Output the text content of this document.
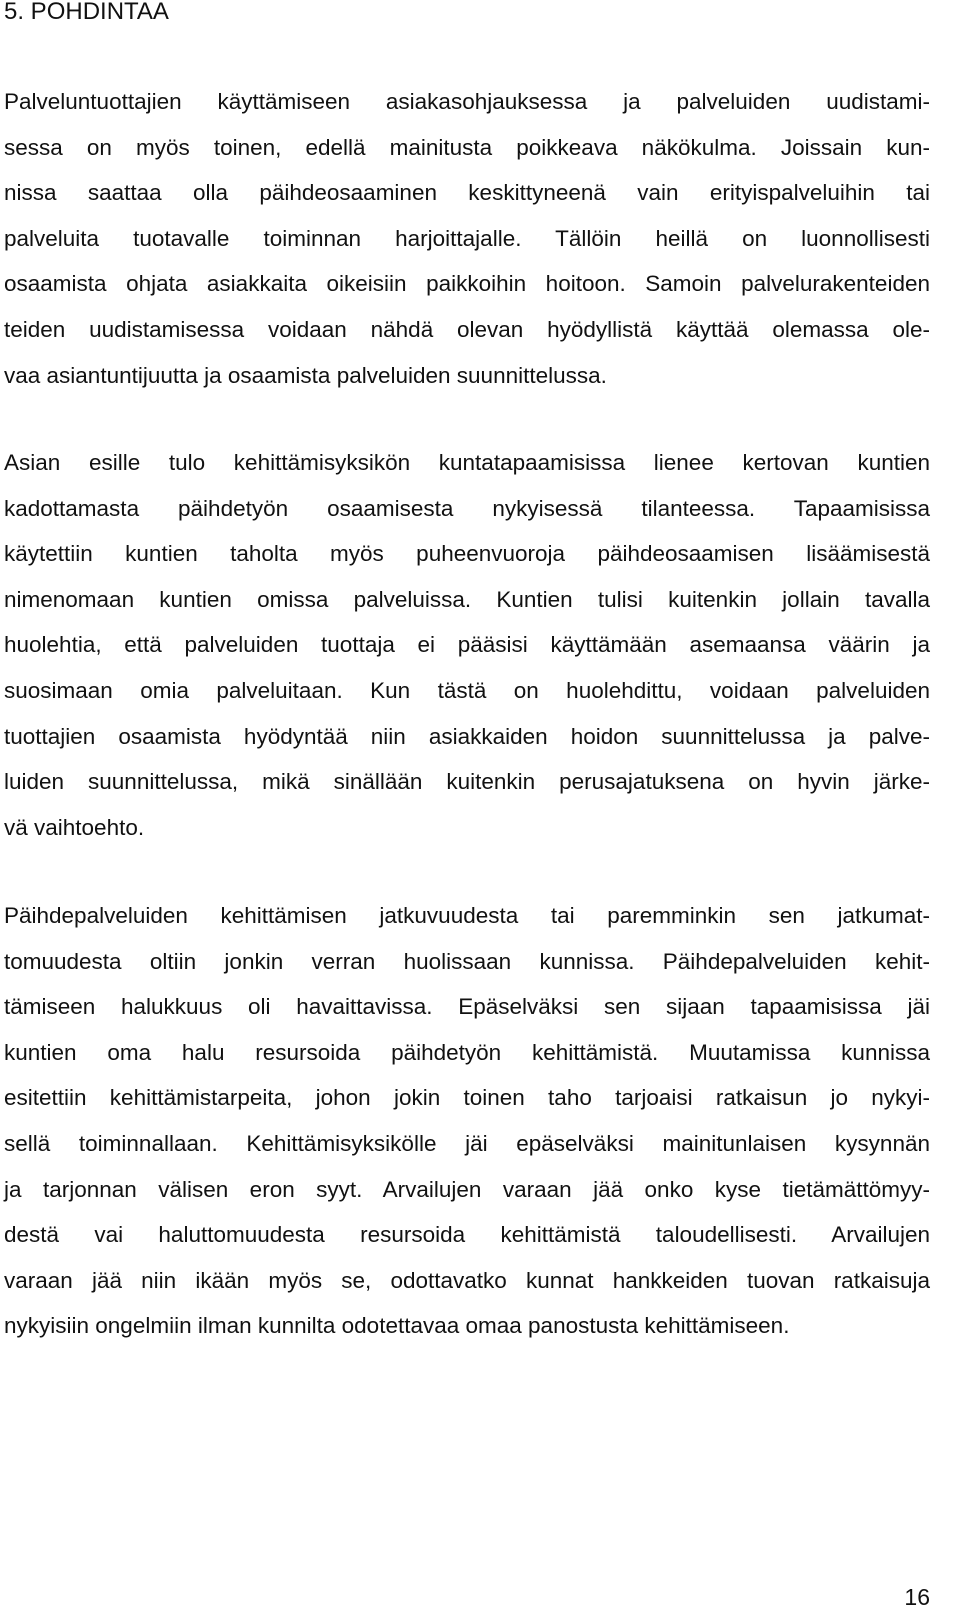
5. POHDINTAA

Palveluntuottajien käyttämiseen asiakasohjauksessa ja palveluiden uudistami-
sessa on myös toinen, edellä mainitusta poikkeava näkökulma. Joissain kun-
nissa saattaa olla päihdeosaaminen keskittyneenä vain erityispalveluihin tai
palveluita tuotavalle toiminnan harjoittajalle. Tällöin heillä on luonnollisesti
osaamista ohjata asiakkaita oikeisiin paikkoihin hoitoon. Samoin palvelurakenteiden
teiden uudistamisessa voidaan nähdä olevan hyödyllistä käyttää olemassa ole-
vaa asiantuntijuutta ja osaamista palveluiden suunnittelussa.

Asian esille tulo kehittämisyksikön kuntatapaamisissa lienee kertovan kuntien
kadottamasta päihdetyön osaamisesta nykyisessä tilanteessa. Tapaamisissa
käytettiin kuntien taholta myös puheenvuoroja päihdeosaamisen lisäämisestä
nimenomaan kuntien omissa palveluissa. Kuntien tulisi kuitenkin jollain tavalla
huolehtia, että palveluiden tuottaja ei pääsisi käyttämään asemaansa väärin ja
suosimaan omia palveluitaan. Kun tästä on huolehdittu, voidaan palveluiden
tuottajien osaamista hyödyntää niin asiakkaiden hoidon suunnittelussa ja palve-
luiden suunnittelussa, mikä sinällään kuitenkin perusajatuksena on hyvin järke-
vä vaihtoehto.

Päihdepalveluiden kehittämisen jatkuvuudesta tai paremminkin sen jatkumat-
tomuudesta oltiin jonkin verran huolissaan kunnissa. Päihdepalveluiden kehit-
tämiseen halukkuus oli havaittavissa. Epäselväksi sen sijaan tapaamisissa jäi
kuntien oma halu resursoida päihdetyön kehittämistä. Muutamissa kunnissa
esitettiin kehittämistarpeita, johon jokin toinen taho tarjoaisi ratkaisun jo nykyi-
sellä toiminnallaan. Kehittämisyksikölle jäi epäselväksi mainitunlaisen kysynnän
ja tarjonnan välisen eron syyt. Arvailujen varaan jää onko kyse tietämättömyy-
destä vai haluttomuudesta resursoida kehittämistä taloudellisesti. Arvailujen
varaan jää niin ikään myös se, odottavatko kunnat hankkeiden tuovan ratkaisuja
nykyisiin ongelmiin ilman kunnilta odotettavaa omaa panostusta kehittämiseen.

16
